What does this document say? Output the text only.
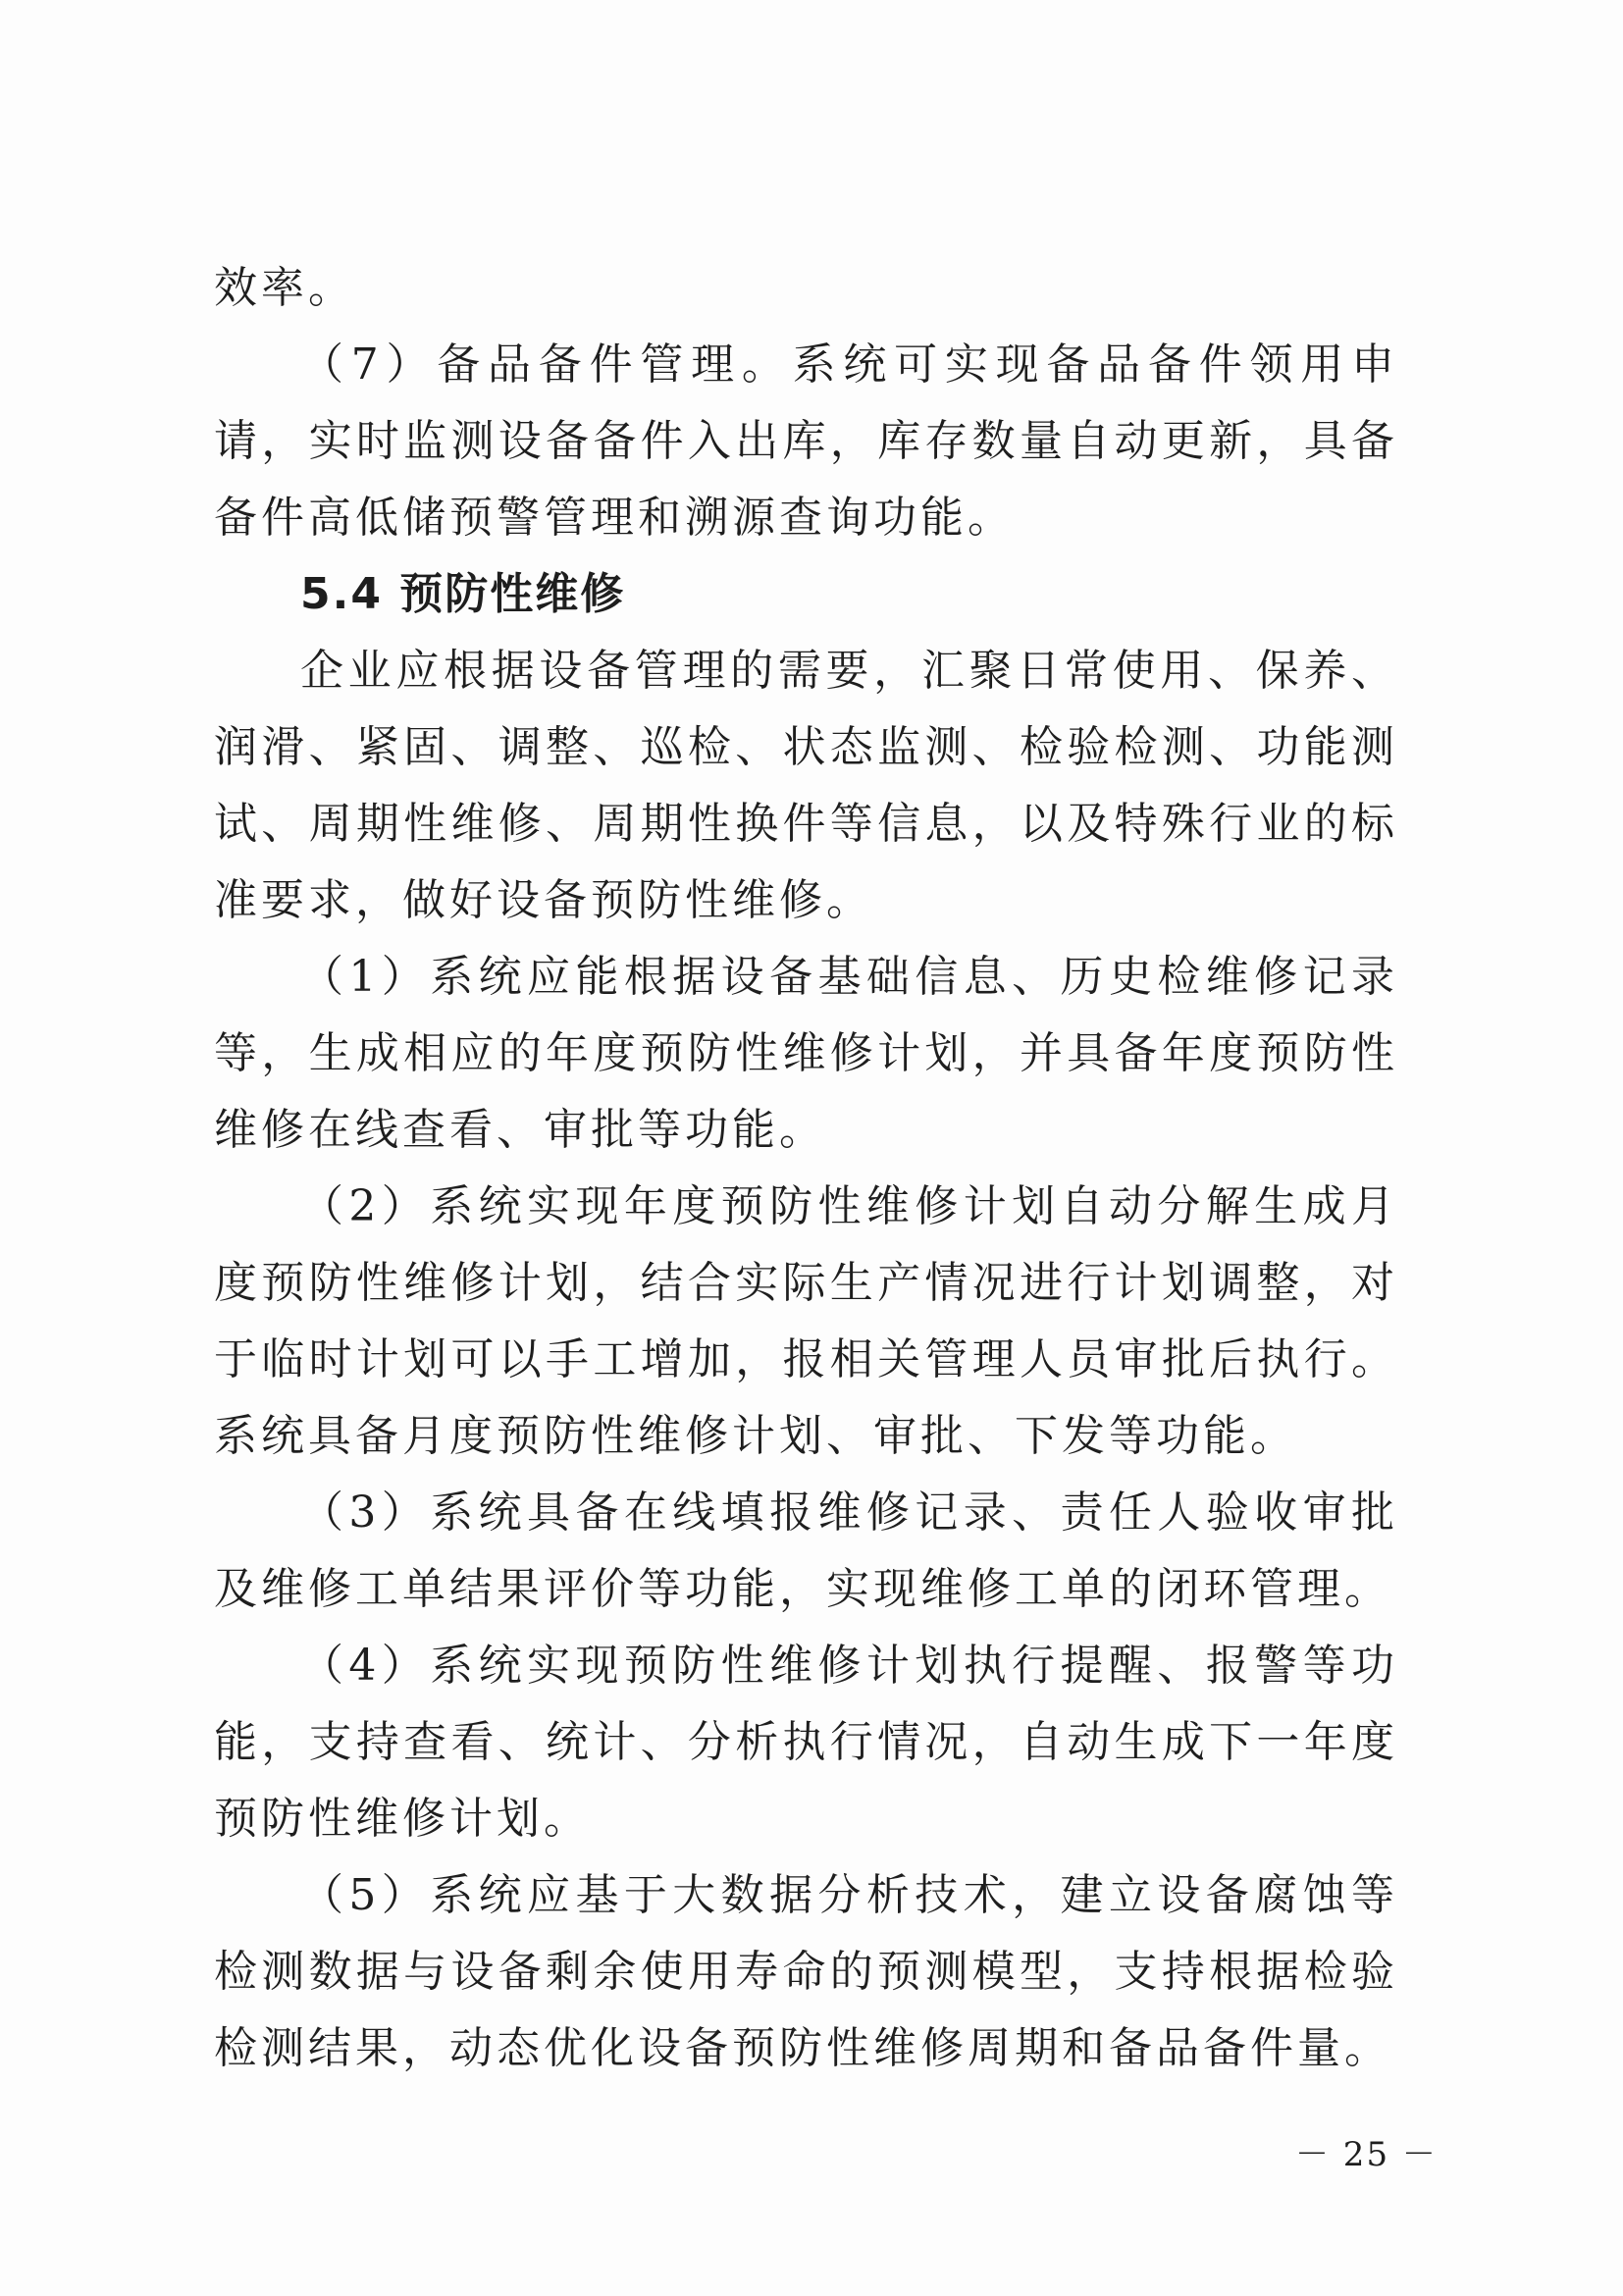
效率。

（7）备品备件管理。系统可实现备品备件领用申请，实时监测设备备件入出库，库存数量自动更新，具备备件高低储预警管理和溯源查询功能。

5.4 预防性维修

企业应根据设备管理的需要，汇聚日常使用、保养、润滑、紧固、调整、巡检、状态监测、检验检测、功能测试、周期性维修、周期性换件等信息，以及特殊行业的标准要求，做好设备预防性维修。

（1）系统应能根据设备基础信息、历史检维修记录等，生成相应的年度预防性维修计划，并具备年度预防性维修在线查看、审批等功能。

（2）系统实现年度预防性维修计划自动分解生成月度预防性维修计划，结合实际生产情况进行计划调整，对于临时计划可以手工增加，报相关管理人员审批后执行。系统具备月度预防性维修计划、审批、下发等功能。

（3）系统具备在线填报维修记录、责任人验收审批及维修工单结果评价等功能，实现维修工单的闭环管理。

（4）系统实现预防性维修计划执行提醒、报警等功能，支持查看、统计、分析执行情况，自动生成下一年度预防性维修计划。

（5）系统应基于大数据分析技术，建立设备腐蚀等检测数据与设备剩余使用寿命的预测模型，支持根据检验检测结果，动态优化设备预防性维修周期和备品备件量。

－ 25 －
